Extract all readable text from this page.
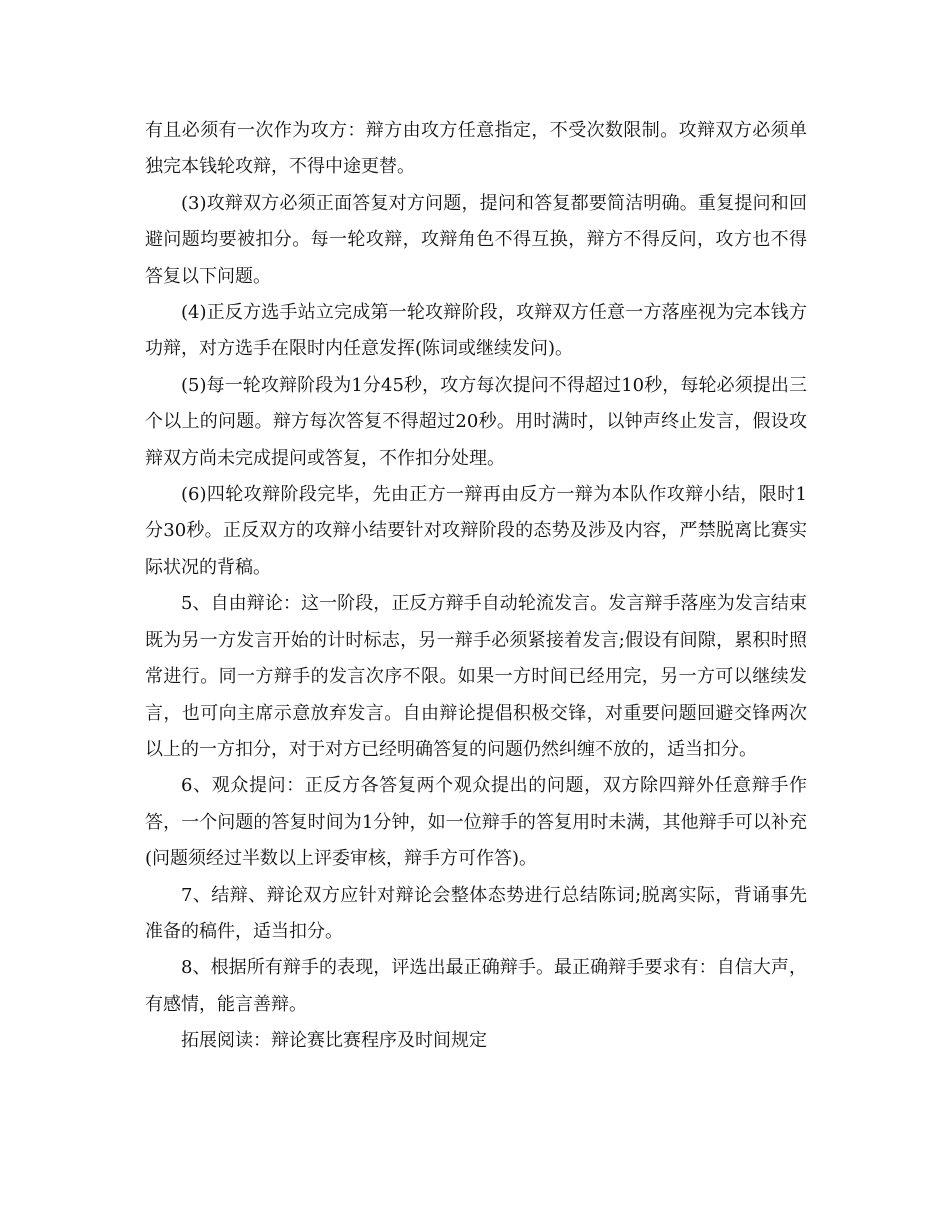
有且必须有一次作为攻方：辩方由攻方任意指定，不受次数限制。攻辩双方必须单独完本钱轮攻辩，不得中途更替。

(3)攻辩双方必须正面答复对方问题，提问和答复都要简洁明确。重复提问和回避问题均要被扣分。每一轮攻辩，攻辩角色不得互换，辩方不得反问，攻方也不得答复以下问题。

(4)正反方选手站立完成第一轮攻辩阶段，攻辩双方任意一方落座视为完本钱方功辩，对方选手在限时内任意发挥(陈词或继续发问)。

(5)每一轮攻辩阶段为1分45秒，攻方每次提问不得超过10秒，每轮必须提出三个以上的问题。辩方每次答复不得超过20秒。用时满时，以钟声终止发言，假设攻辩双方尚未完成提问或答复，不作扣分处理。

(6)四轮攻辩阶段完毕，先由正方一辩再由反方一辩为本队作攻辩小结，限时1分30秒。正反双方的攻辩小结要针对攻辩阶段的态势及涉及内容，严禁脱离比赛实际状况的背稿。

5、自由辩论：这一阶段，正反方辩手自动轮流发言。发言辩手落座为发言结束既为另一方发言开始的计时标志，另一辩手必须紧接着发言;假设有间隙，累积时照常进行。同一方辩手的发言次序不限。如果一方时间已经用完，另一方可以继续发言，也可向主席示意放弃发言。自由辩论提倡积极交锋，对重要问题回避交锋两次以上的一方扣分，对于对方已经明确答复的问题仍然纠缠不放的，适当扣分。

6、观众提问：正反方各答复两个观众提出的问题，双方除四辩外任意辩手作答，一个问题的答复时间为1分钟，如一位辩手的答复用时未满，其他辩手可以补充(问题须经过半数以上评委审核，辩手方可作答)。

7、结辩、辩论双方应针对辩论会整体态势进行总结陈词;脱离实际，背诵事先准备的稿件，适当扣分。

8、根据所有辩手的表现，评选出最正确辩手。最正确辩手要求有：自信大声，有感情，能言善辩。

拓展阅读：辩论赛比赛程序及时间规定
